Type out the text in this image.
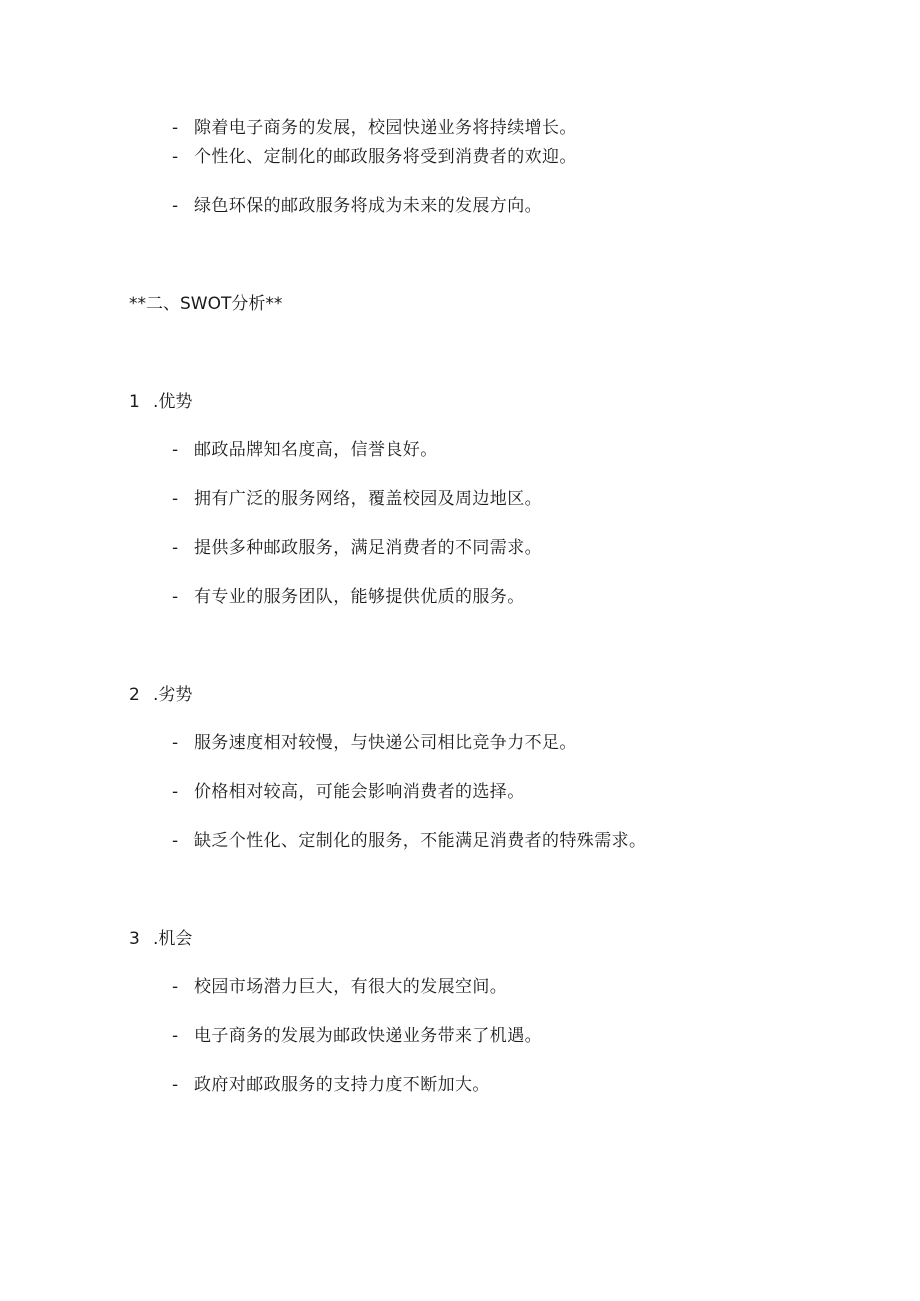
- 隙着电子商务的发展，校园快递业务将持续增长。
- 个性化、定制化的邮政服务将受到消费者的欢迎。
- 绿色环保的邮政服务将成为未来的发展方向。
**二、SWOT分析**
1 .优势
- 邮政品牌知名度高，信誉良好。
- 拥有广泛的服务网络，覆盖校园及周边地区。
- 提供多种邮政服务，满足消费者的不同需求。
- 有专业的服务团队，能够提供优质的服务。
2 .劣势
- 服务速度相对较慢，与快递公司相比竞争力不足。
- 价格相对较高，可能会影响消费者的选择。
- 缺乏个性化、定制化的服务，不能满足消费者的特殊需求。
3 .机会
- 校园市场潜力巨大，有很大的发展空间。
- 电子商务的发展为邮政快递业务带来了机遇。
- 政府对邮政服务的支持力度不断加大。
